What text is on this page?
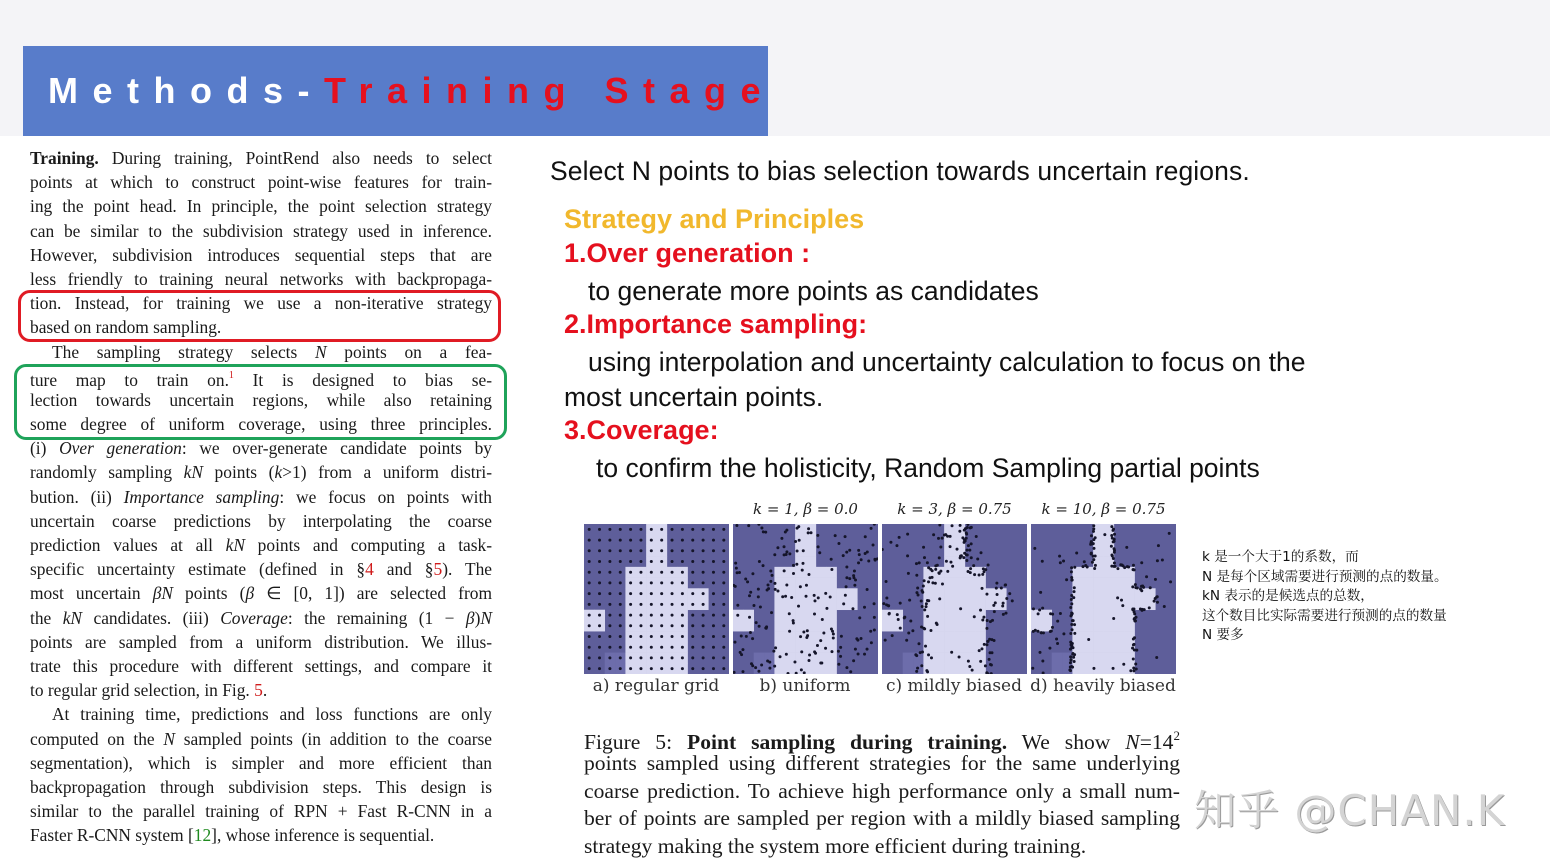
Methods-Training Stage
Training. During training, PointRend also needs to select
points at which to construct point-wise features for train-
ing the point head. In principle, the point selection strategy
can be similar to the subdivision strategy used in inference.
However, subdivision introduces sequential steps that are
less friendly to training neural networks with backpropaga-
tion. Instead, for training we use a non-iterative strategy
based on random sampling.
The sampling strategy selects N points on a fea-
ture map to train on.$^1$ It is designed to bias se-
lection towards uncertain regions, while also retaining
some degree of uniform coverage, using three principles.
(i) Over generation: we over-generate candidate points by
randomly sampling kN points (k>1) from a uniform distri-
bution. (ii) Importance sampling: we focus on points with
uncertain coarse predictions by interpolating the coarse
prediction values at all kN points and computing a task-
specific uncertainty estimate (defined in §4 and §5). The
most uncertain βN points (β ∈ [0, 1]) are selected from
the kN candidates. (iii) Coverage: the remaining (1 − β)N
points are sampled from a uniform distribution. We illus-
trate this procedure with different settings, and compare it
to regular grid selection, in Fig. 5.
At training time, predictions and loss functions are only
computed on the N sampled points (in addition to the coarse
segmentation), which is simpler and more efficient than
backpropagation through subdivision steps. This design is
similar to the parallel training of RPN + Fast R-CNN in a
Faster R-CNN system [12], whose inference is sequential.
Select N points to bias selection towards uncertain regions.
Strategy and Principles
1.Over generation :
to generate more points as candidates
2.Importance sampling:
using interpolation and uncertainty calculation to focus on the
most uncertain points.
3.Coverage:
to confirm the holisticity, Random Sampling partial points
k = 1, β = 0.0	k = 3, β = 0.75	k = 10, β = 0.75
a) regular grid	b) uniform	c) mildly biased d) heavily biased
Figure 5: Point sampling during training. We show $N=14^2$
points sampled using different strategies for the same underlying
coarse prediction. To achieve high performance only a small num-
ber of points are sampled per region with a mildly biased sampling
strategy making the system more efficient during training.
k 是一个大于1的系数，而
N 是每个区域需要进行预测的点的数量。
kN 表示的是候选点的总数，
这个数目比实际需要进行预测的点的数量
N 要多
知乎 @CHAN.K
